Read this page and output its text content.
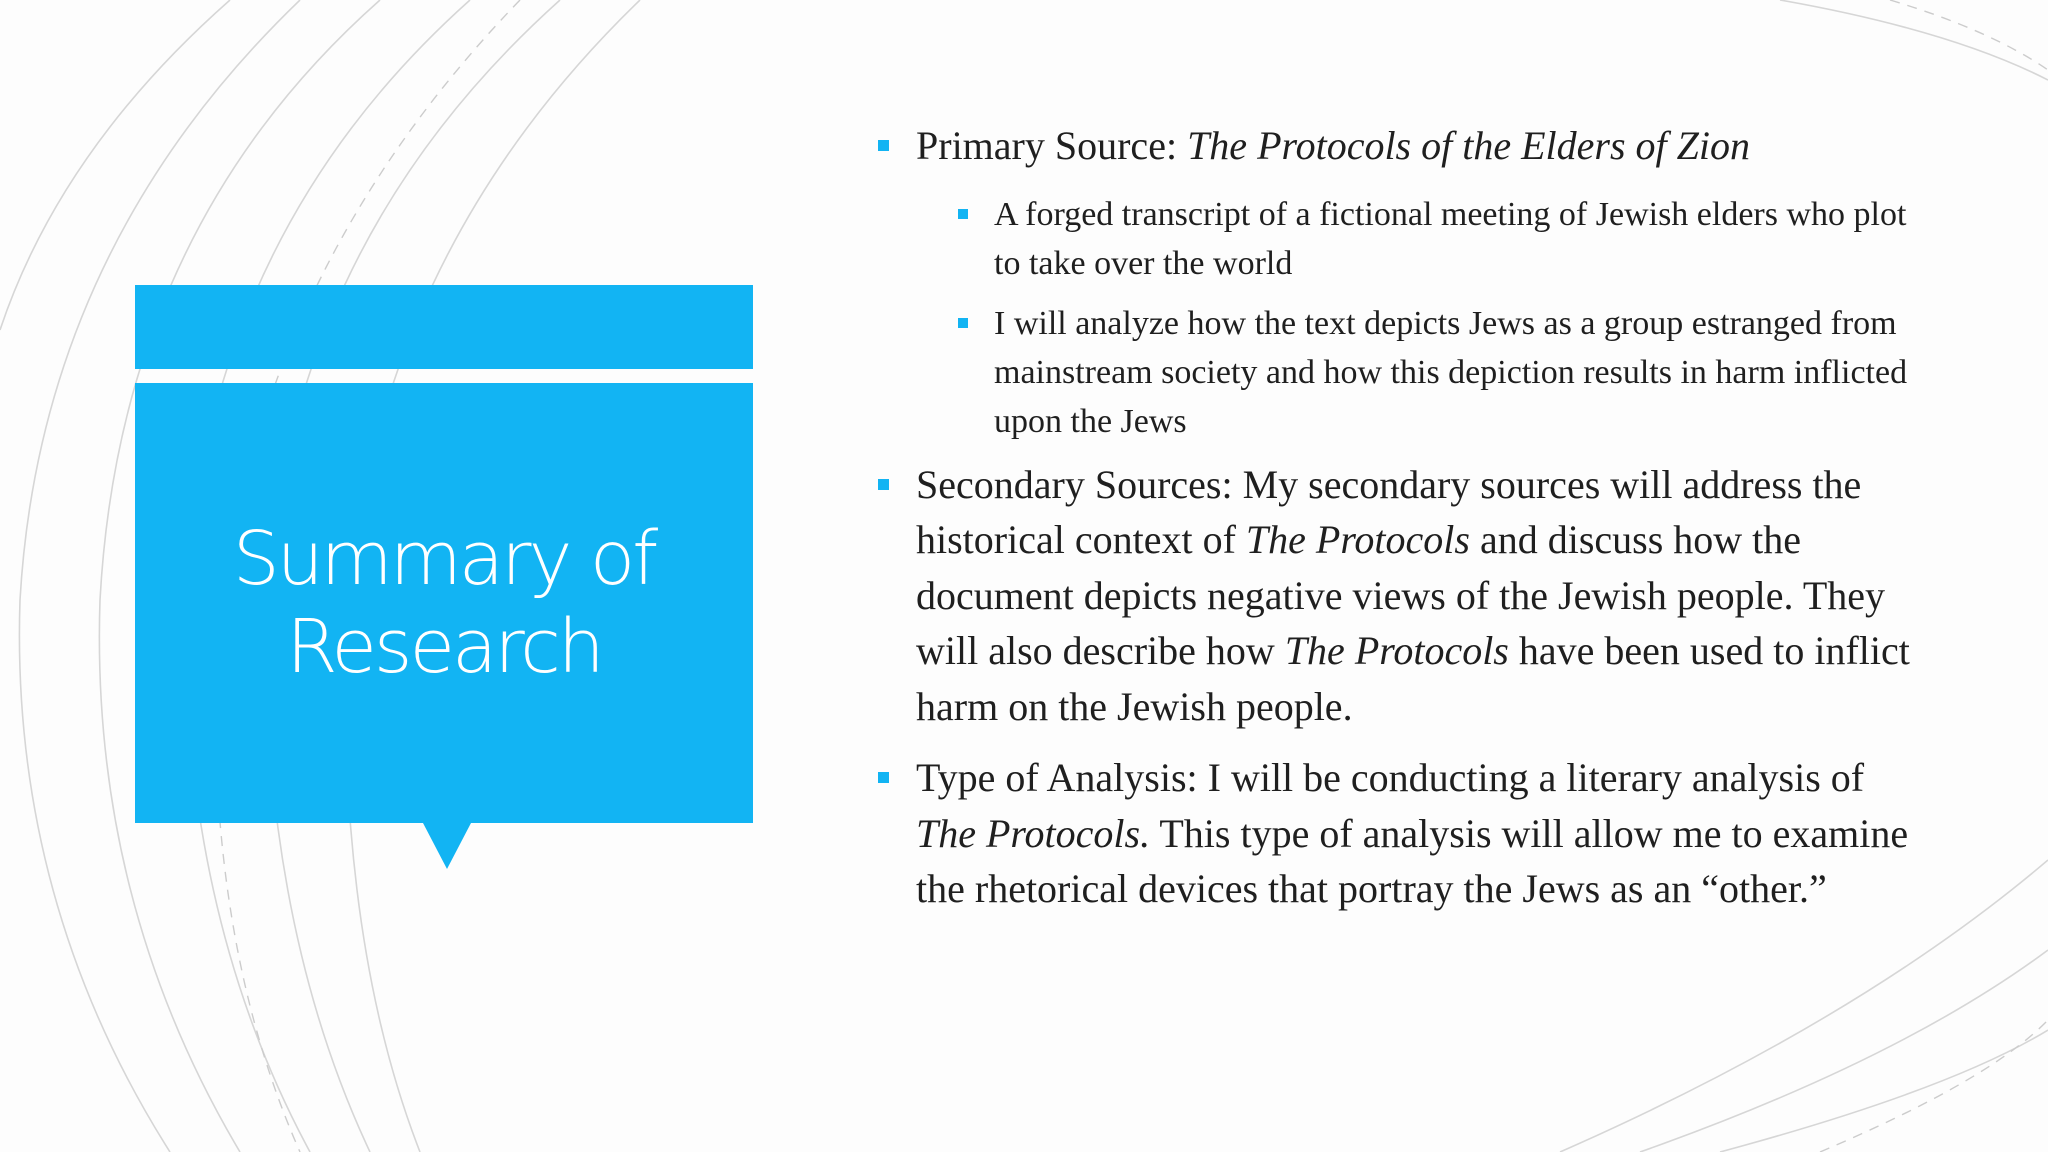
Summary of
Research
Primary Source: The Protocols of the Elders of Zion
A forged transcript of a fictional meeting of Jewish elders who plot to take over the world
I will analyze how the text depicts Jews as a group estranged from mainstream society and how this depiction results in harm inflicted upon the Jews
Secondary Sources: My secondary sources will address the historical context of The Protocols and discuss how the document depicts negative views of the Jewish people. They will also describe how The Protocols have been used to inflict harm on the Jewish people.
Type of Analysis: I will be conducting a literary analysis of The Protocols. This type of analysis will allow me to examine the rhetorical devices that portray the Jews as an “other.”
